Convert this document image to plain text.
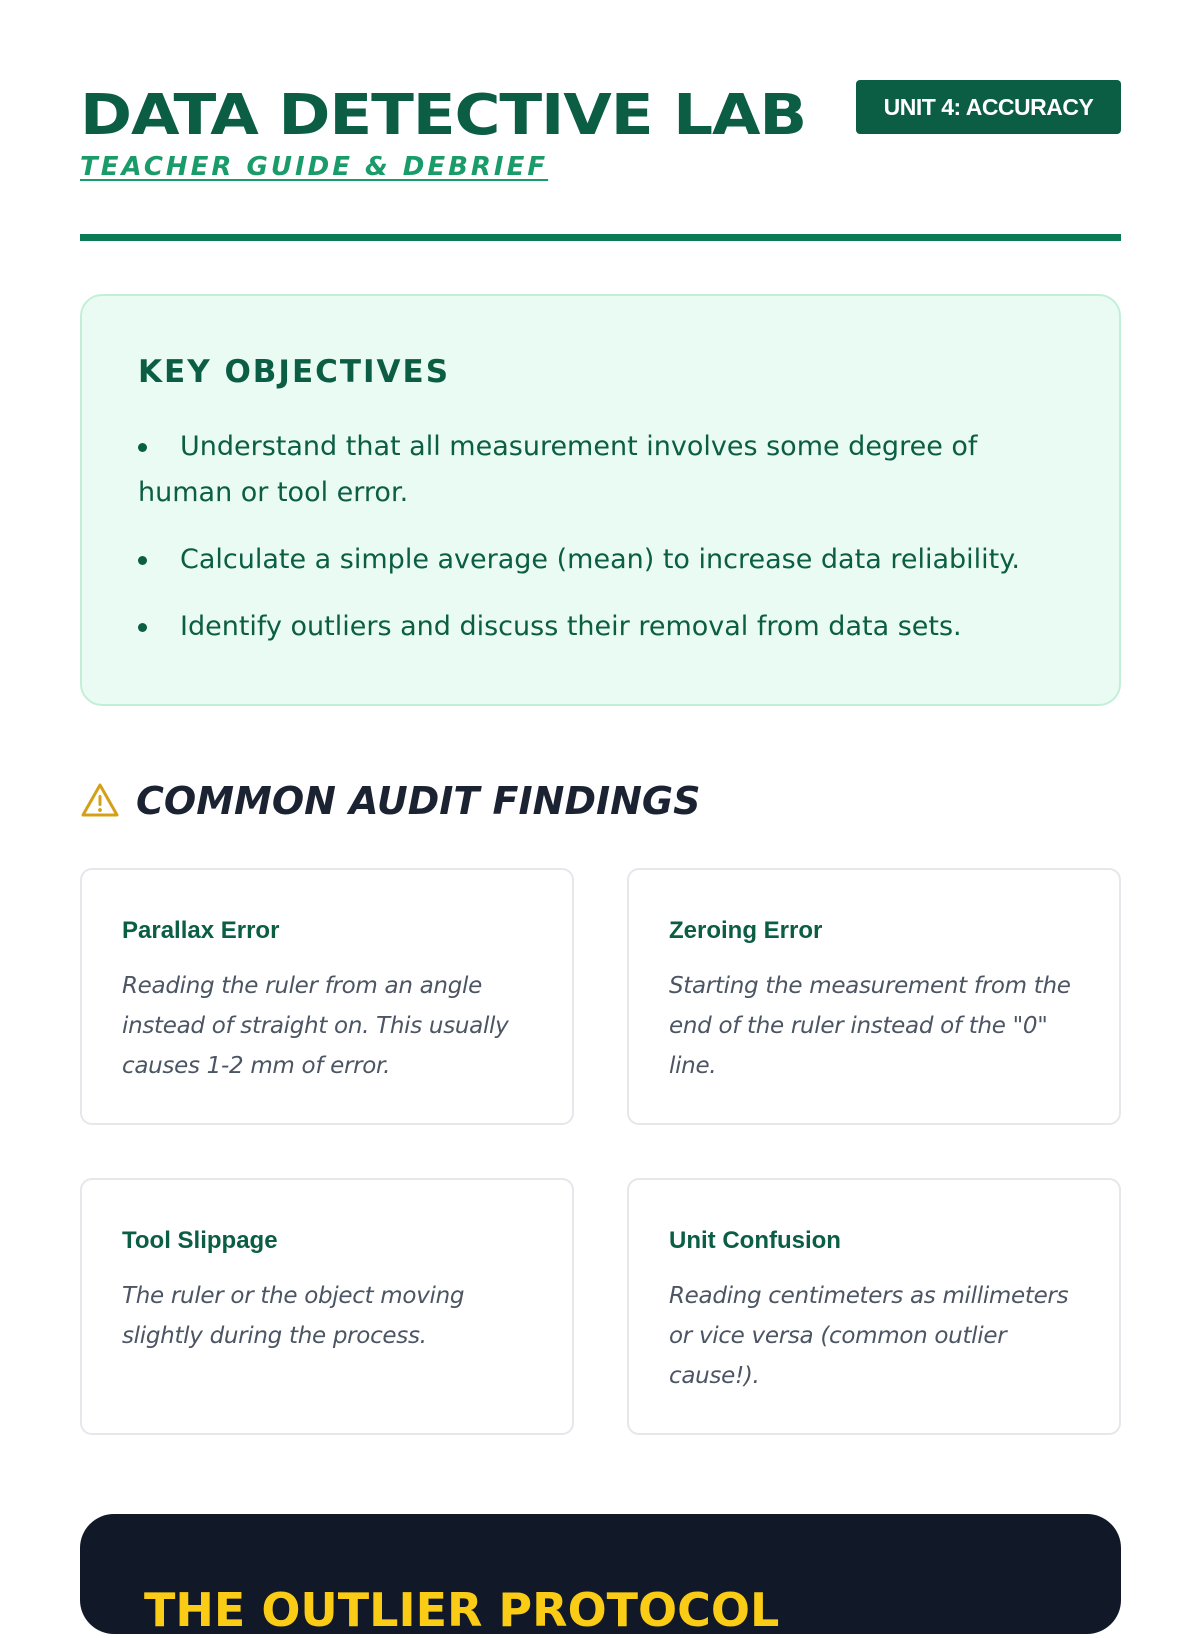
DATA DETECTIVE LAB
TEACHER GUIDE & DEBRIEF
UNIT 4: ACCURACY
KEY OBJECTIVES
Understand that all measurement involves some degree of human or tool error.
Calculate a simple average (mean) to increase data reliability.
Identify outliers and discuss their removal from data sets.
COMMON AUDIT FINDINGS
Parallax Error
Reading the ruler from an angle instead of straight on. This usually causes 1-2 mm of error.
Zeroing Error
Starting the measurement from the end of the ruler instead of the "0" line.
Tool Slippage
The ruler or the object moving slightly during the process.
Unit Confusion
Reading centimeters as millimeters or vice versa (common outlier cause!).
THE OUTLIER PROTOCOL
